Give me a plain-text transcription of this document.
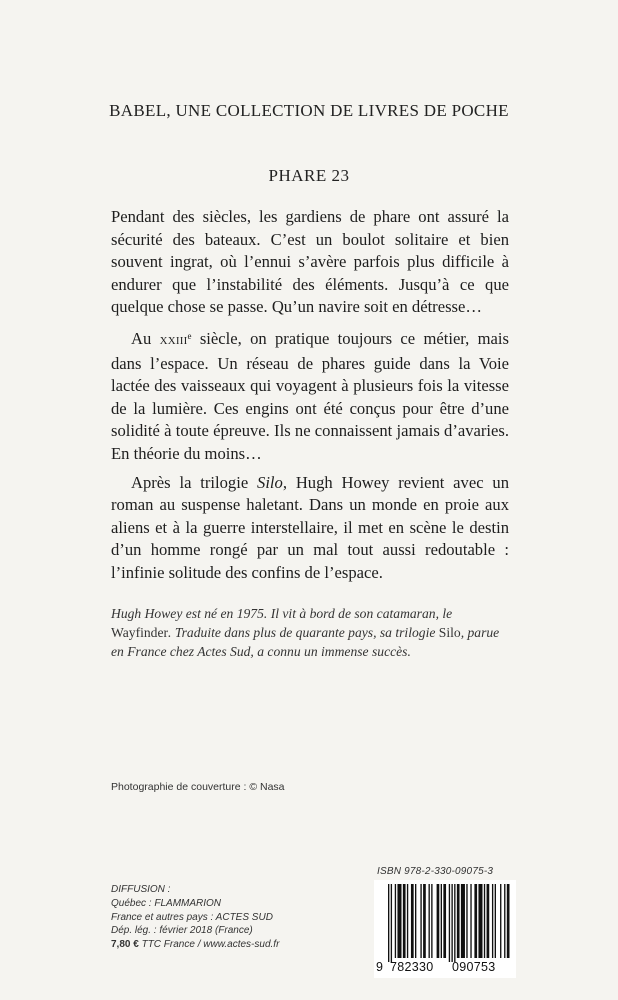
BABEL, UNE COLLECTION DE LIVRES DE POCHE
PHARE 23

Pendant des siècles, les gardiens de phare ont assuré la sécurité des bateaux. C’est un boulot solitaire et bien souvent ingrat, où l’ennui s’avère parfois plus difficile à endurer que l’instabilité des éléments. Jusqu’à ce que quelque chose se passe. Qu’un navire soit en détresse…

Au XXIIIe siècle, on pratique toujours ce métier, mais dans l’espace. Un réseau de phares guide dans la Voie lactée des vaisseaux qui voyagent à plusieurs fois la vitesse de la lumière. Ces engins ont été conçus pour être d’une solidité à toute épreuve. Ils ne connaissent jamais d’avaries. En théorie du moins…

Après la trilogie Silo, Hugh Howey revient avec un roman au suspense haletant. Dans un monde en proie aux aliens et à la guerre interstellaire, il met en scène le destin d’un homme rongé par un mal tout aussi redoutable : l’infinie solitude des confins de l’espace.

Hugh Howey est né en 1975. Il vit à bord de son catamaran, le Wayfinder. Traduite dans plus de quarante pays, sa trilogie Silo, parue en France chez Actes Sud, a connu un immense succès.
Photographie de couverture : © Nasa
DIFFUSION :
Québec : FLAMMARION
France et autres pays : ACTES SUD
Dép. lég. : février 2018 (France)
7,80 € TTC France / www.actes-sud.fr
ISBN 978-2-330-09075-3
9 782330 090753
